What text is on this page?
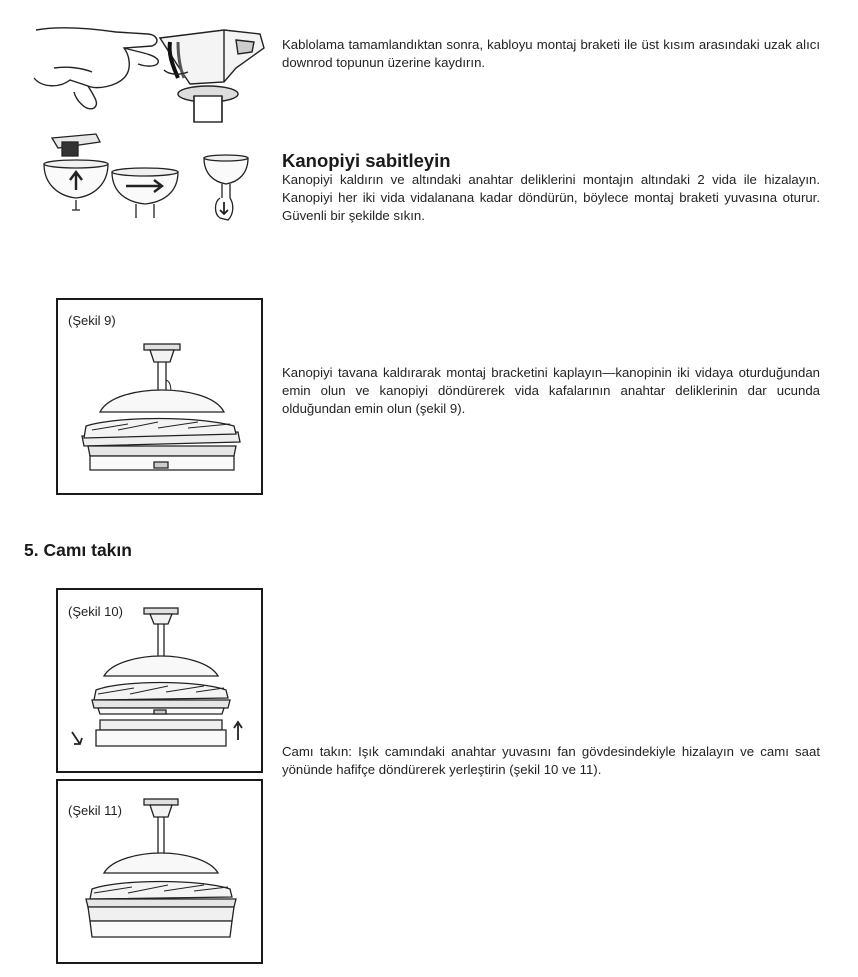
Kablolama tamamlandıktan sonra, kabloyu montaj braketi ile üst kısım arasındaki uzak alıcı downrod topunun üzerine kaydırın.
Kanopiyi sabitleyin
Kanopiyi kaldırın ve altındaki anahtar deliklerini montajın altındaki 2 vida ile hizalayın. Kanopiyi her iki vida vidalanana kadar döndürün, böylece montaj braketi yuvasına oturur. Güvenli bir şekilde sıkın.
(Şekil 9)
Kanopiyi tavana kaldırarak montaj bracketini kaplayın—kanopinin iki vidaya oturduğundan emin olun ve kanopiyi döndürerek vida kafalarının anahtar deliklerinin dar ucunda olduğundan emin olun (şekil 9).
5. Camı takın
(Şekil 10)
(Şekil 11)
Camı takın: Işık camındaki anahtar yuvasını fan gövdesindekiyle hizalayın ve camı saat yönünde hafifçe döndürerek yerleştirin (şekil 10 ve 11).
